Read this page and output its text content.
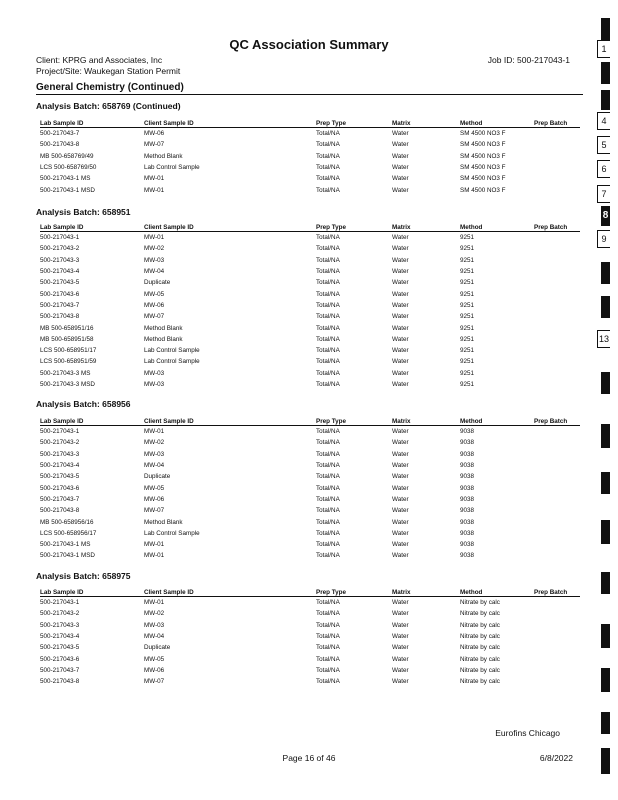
QC Association Summary
Client: KPRG and Associates, Inc
Project/Site: Waukegan Station Permit
Job ID: 500-217043-1
General Chemistry (Continued)
Analysis Batch: 658769 (Continued)
Lab Sample ID	Client Sample ID	Prep Type	Matrix	Method	Prep Batch
500-217043-7	MW-06	Total/NA	Water	SM 4500 NO3 F	
500-217043-8	MW-07	Total/NA	Water	SM 4500 NO3 F	
MB 500-658769/49	Method Blank	Total/NA	Water	SM 4500 NO3 F	
LCS 500-658769/50	Lab Control Sample	Total/NA	Water	SM 4500 NO3 F	
500-217043-1 MS	MW-01	Total/NA	Water	SM 4500 NO3 F	
500-217043-1 MSD	MW-01	Total/NA	Water	SM 4500 NO3 F	
Analysis Batch: 658951
Lab Sample ID	Client Sample ID	Prep Type	Matrix	Method	Prep Batch
500-217043-1	MW-01	Total/NA	Water	9251	
500-217043-2	MW-02	Total/NA	Water	9251	
500-217043-3	MW-03	Total/NA	Water	9251	
500-217043-4	MW-04	Total/NA	Water	9251	
500-217043-5	Duplicate	Total/NA	Water	9251	
500-217043-6	MW-05	Total/NA	Water	9251	
500-217043-7	MW-06	Total/NA	Water	9251	
500-217043-8	MW-07	Total/NA	Water	9251	
MB 500-658951/16	Method Blank	Total/NA	Water	9251	
MB 500-658951/58	Method Blank	Total/NA	Water	9251	
LCS 500-658951/17	Lab Control Sample	Total/NA	Water	9251	
LCS 500-658951/59	Lab Control Sample	Total/NA	Water	9251	
500-217043-3 MS	MW-03	Total/NA	Water	9251	
500-217043-3 MSD	MW-03	Total/NA	Water	9251	
Analysis Batch: 658956
Lab Sample ID	Client Sample ID	Prep Type	Matrix	Method	Prep Batch
500-217043-1	MW-01	Total/NA	Water	9038	
500-217043-2	MW-02	Total/NA	Water	9038	
500-217043-3	MW-03	Total/NA	Water	9038	
500-217043-4	MW-04	Total/NA	Water	9038	
500-217043-5	Duplicate	Total/NA	Water	9038	
500-217043-6	MW-05	Total/NA	Water	9038	
500-217043-7	MW-06	Total/NA	Water	9038	
500-217043-8	MW-07	Total/NA	Water	9038	
MB 500-658956/16	Method Blank	Total/NA	Water	9038	
LCS 500-658956/17	Lab Control Sample	Total/NA	Water	9038	
500-217043-1 MS	MW-01	Total/NA	Water	9038	
500-217043-1 MSD	MW-01	Total/NA	Water	9038	
Analysis Batch: 658975
Lab Sample ID	Client Sample ID	Prep Type	Matrix	Method	Prep Batch
500-217043-1	MW-01	Total/NA	Water	Nitrate by calc	
500-217043-2	MW-02	Total/NA	Water	Nitrate by calc	
500-217043-3	MW-03	Total/NA	Water	Nitrate by calc	
500-217043-4	MW-04	Total/NA	Water	Nitrate by calc	
500-217043-5	Duplicate	Total/NA	Water	Nitrate by calc	
500-217043-6	MW-05	Total/NA	Water	Nitrate by calc	
500-217043-7	MW-06	Total/NA	Water	Nitrate by calc	
500-217043-8	MW-07	Total/NA	Water	Nitrate by calc	
Eurofins Chicago
Page 16 of 46	6/8/2022
1
4
5
6
7
8
9
13
